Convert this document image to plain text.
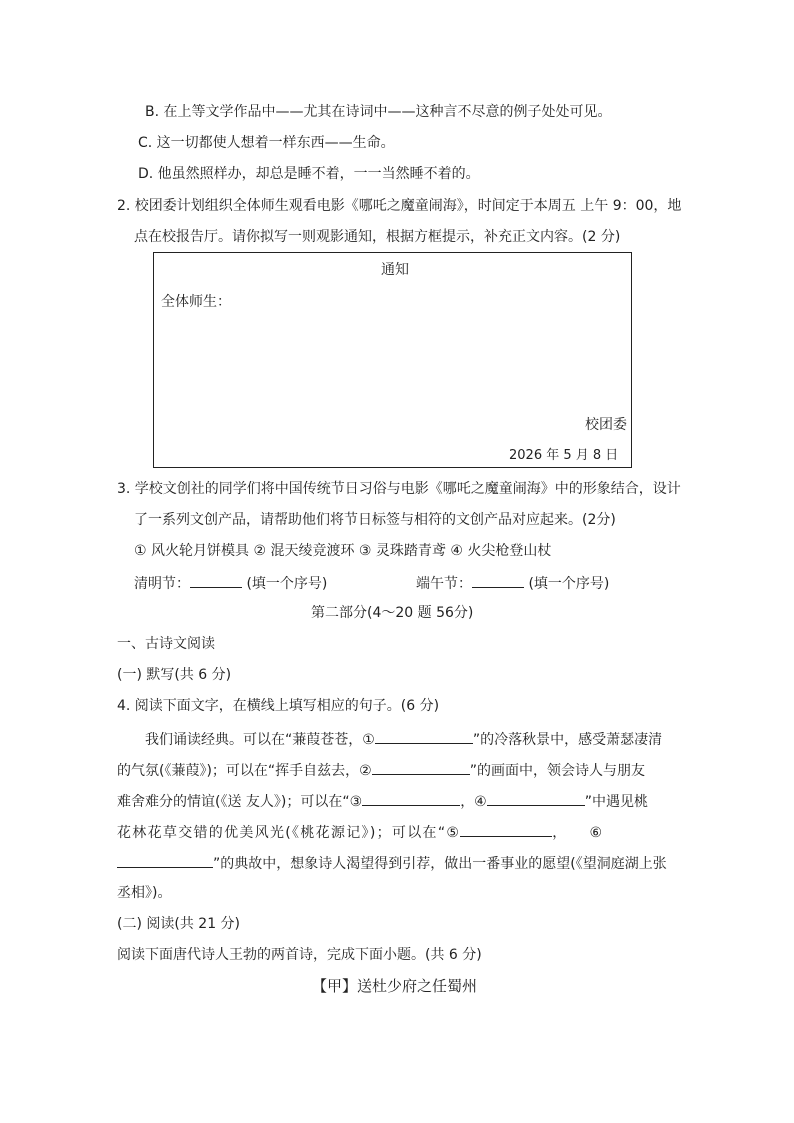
B. 在上等文学作品中——尤其在诗词中——这种言不尽意的例子处处可见。
C. 这一切都使人想着一样东西——生命。
D. 他虽然照样办，却总是睡不着，一一当然睡不着的。
2. 校团委计划组织全体师生观看电影《哪吒之魔童闹海》，时间定于本周五 上午 9：00，地
点在校报告厅。请你拟写一则观影通知，根据方框提示，补充正文内容。(2 分)
通知
全体师生：
校团委
2026 年 5 月 8 日
3. 学校文创社的同学们将中国传统节日习俗与电影《哪吒之魔童闹海》中的形象结合，设计
了一系列文创产品，请帮助他们将节日标签与相符的文创产品对应起来。(2分)
① 风火轮月饼模具 ② 混天绫竞渡环 ③ 灵珠踏青鸢 ④ 火尖枪登山杖
清明节：	(填一个序号)	端午节：	(填一个序号)
第二部分(4～20 题 56分)
一、古诗文阅读
(一) 默写(共 6 分)
4. 阅读下面文字，在横线上填写相应的句子。(6 分)
我们诵读经典。可以在“蒹葭苍苍，①	”的冷落秋景中，感受萧瑟凄清
的气氛(《蒹葭》)；可以在“挥手自兹去，②	”的画面中，领会诗人与朋友
难舍难分的情谊(《送 友人》)；可以在“③	，④	”中遇见桃
花林花草交错的优美风光(《桃花源记》)；可以在“⑤	， ⑥
”的典故中，想象诗人渴望得到引荐，做出一番事业的愿望(《望洞庭湖上张
丞相》)。
(二) 阅读(共 21 分)
阅读下面唐代诗人王勃的两首诗，完成下面小题。(共 6 分)
【甲】送杜少府之任蜀州
